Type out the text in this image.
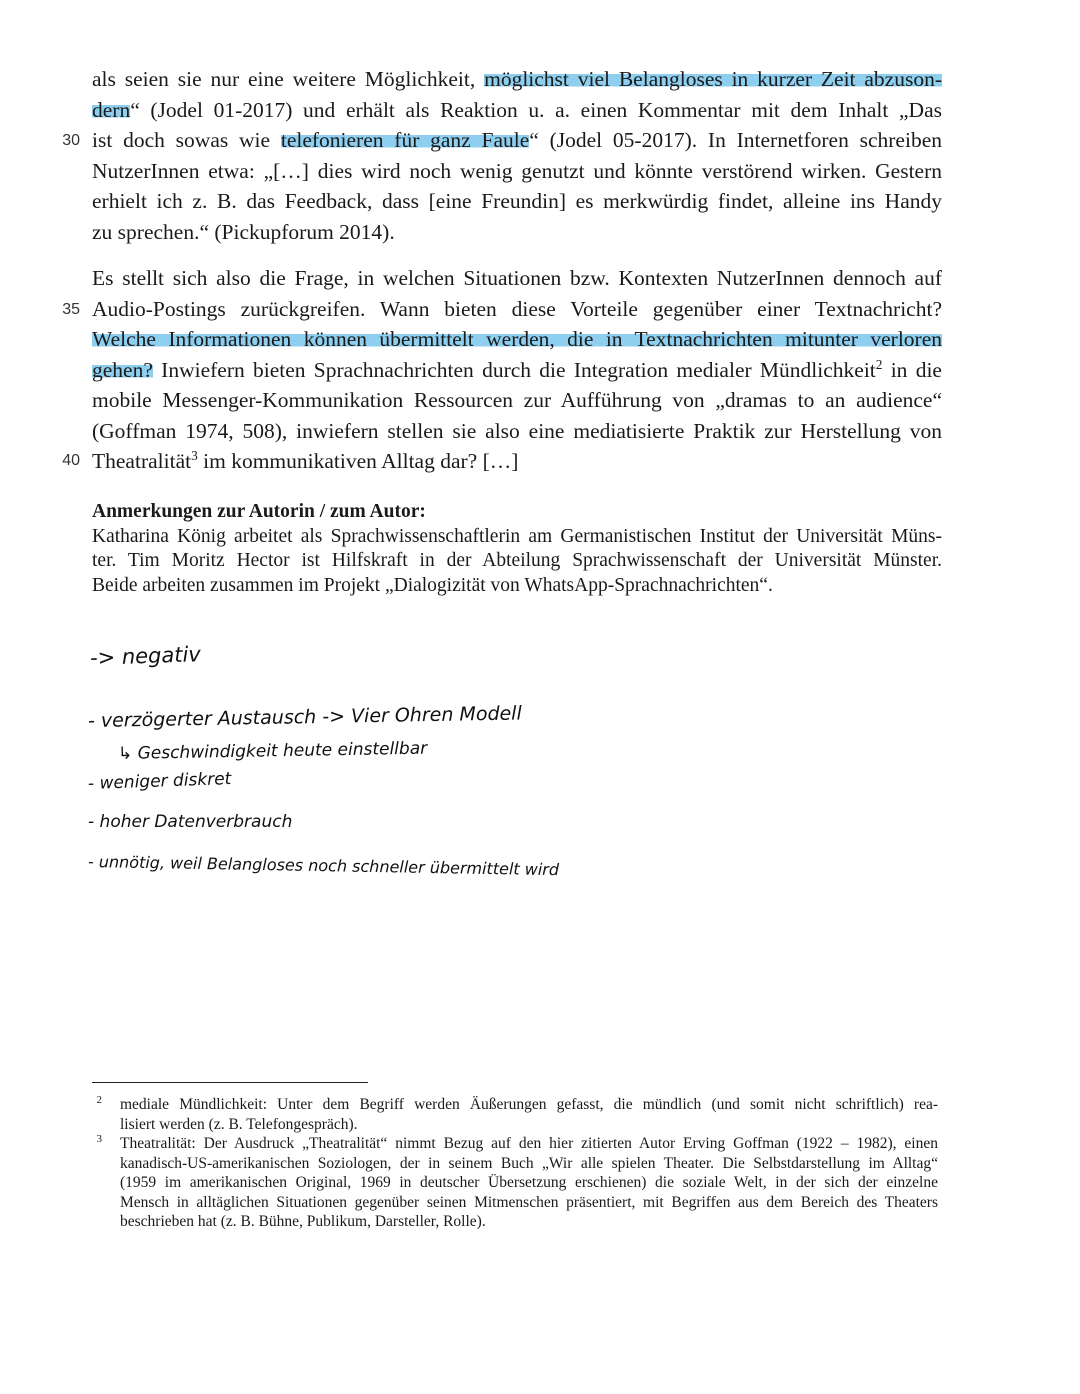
30
35
40
als seien sie nur eine weitere Möglichkeit, möglichst viel Belangloses in kurzer Zeit abzuson-
dern“ (Jodel 01-2017) und erhält als Reaktion u. a. einen Kommentar mit dem Inhalt „Das
ist doch sowas wie telefonieren für ganz Faule“ (Jodel 05-2017). In Internetforen schreiben
NutzerInnen etwa: „[…] dies wird noch wenig genutzt und könnte verstörend wirken. Gestern
erhielt ich z. B. das Feedback, dass [eine Freundin] es merkwürdig findet, alleine ins Handy
zu sprechen.“ (Pickupforum 2014).
Es stellt sich also die Frage, in welchen Situationen bzw. Kontexten NutzerInnen dennoch auf
Audio-Postings zurückgreifen. Wann bieten diese Vorteile gegenüber einer Textnachricht?
Welche Informationen können übermittelt werden, die in Textnachrichten mitunter verloren
gehen? Inwiefern bieten Sprachnachrichten durch die Integration medialer Mündlichkeit$^2$ in die
mobile Messenger-Kommunikation Ressourcen zur Aufführung von „dramas to an audience“
(Goffman 1974, 508), inwiefern stellen sie also eine mediatisierte Praktik zur Herstellung von
Theatralität$^3$ im kommunikativen Alltag dar? […]
Anmerkungen zur Autorin / zum Autor:
Katharina König arbeitet als Sprachwissenschaftlerin am Germanistischen Institut der Universität Müns-
ter. Tim Moritz Hector ist Hilfskraft in der Abteilung Sprachwissenschaft der Universität Münster.
Beide arbeiten zusammen im Projekt „Dialogizität von WhatsApp-Sprachnachrichten“.
-> negativ
- verzögerter Austausch -> Vier Ohren Modell
↳ Geschwindigkeit heute einstellbar
- weniger diskret
- hoher Datenverbrauch
- unnötig, weil Belangloses noch schneller übermittelt wird
2 mediale Mündlichkeit: Unter dem Begriff werden Äußerungen gefasst, die mündlich (und somit nicht schriftlich) rea-
lisiert werden (z. B. Telefongespräch).
3 Theatralität: Der Ausdruck „Theatralität“ nimmt Bezug auf den hier zitierten Autor Erving Goffman (1922 – 1982), einen
kanadisch-US-amerikanischen Soziologen, der in seinem Buch „Wir alle spielen Theater. Die Selbstdarstellung im Alltag“
(1959 im amerikanischen Original, 1969 in deutscher Übersetzung erschienen) die soziale Welt, in der sich der einzelne
Mensch in alltäglichen Situationen gegenüber seinen Mitmenschen präsentiert, mit Begriffen aus dem Bereich des Theaters
beschrieben hat (z. B. Bühne, Publikum, Darsteller, Rolle).
